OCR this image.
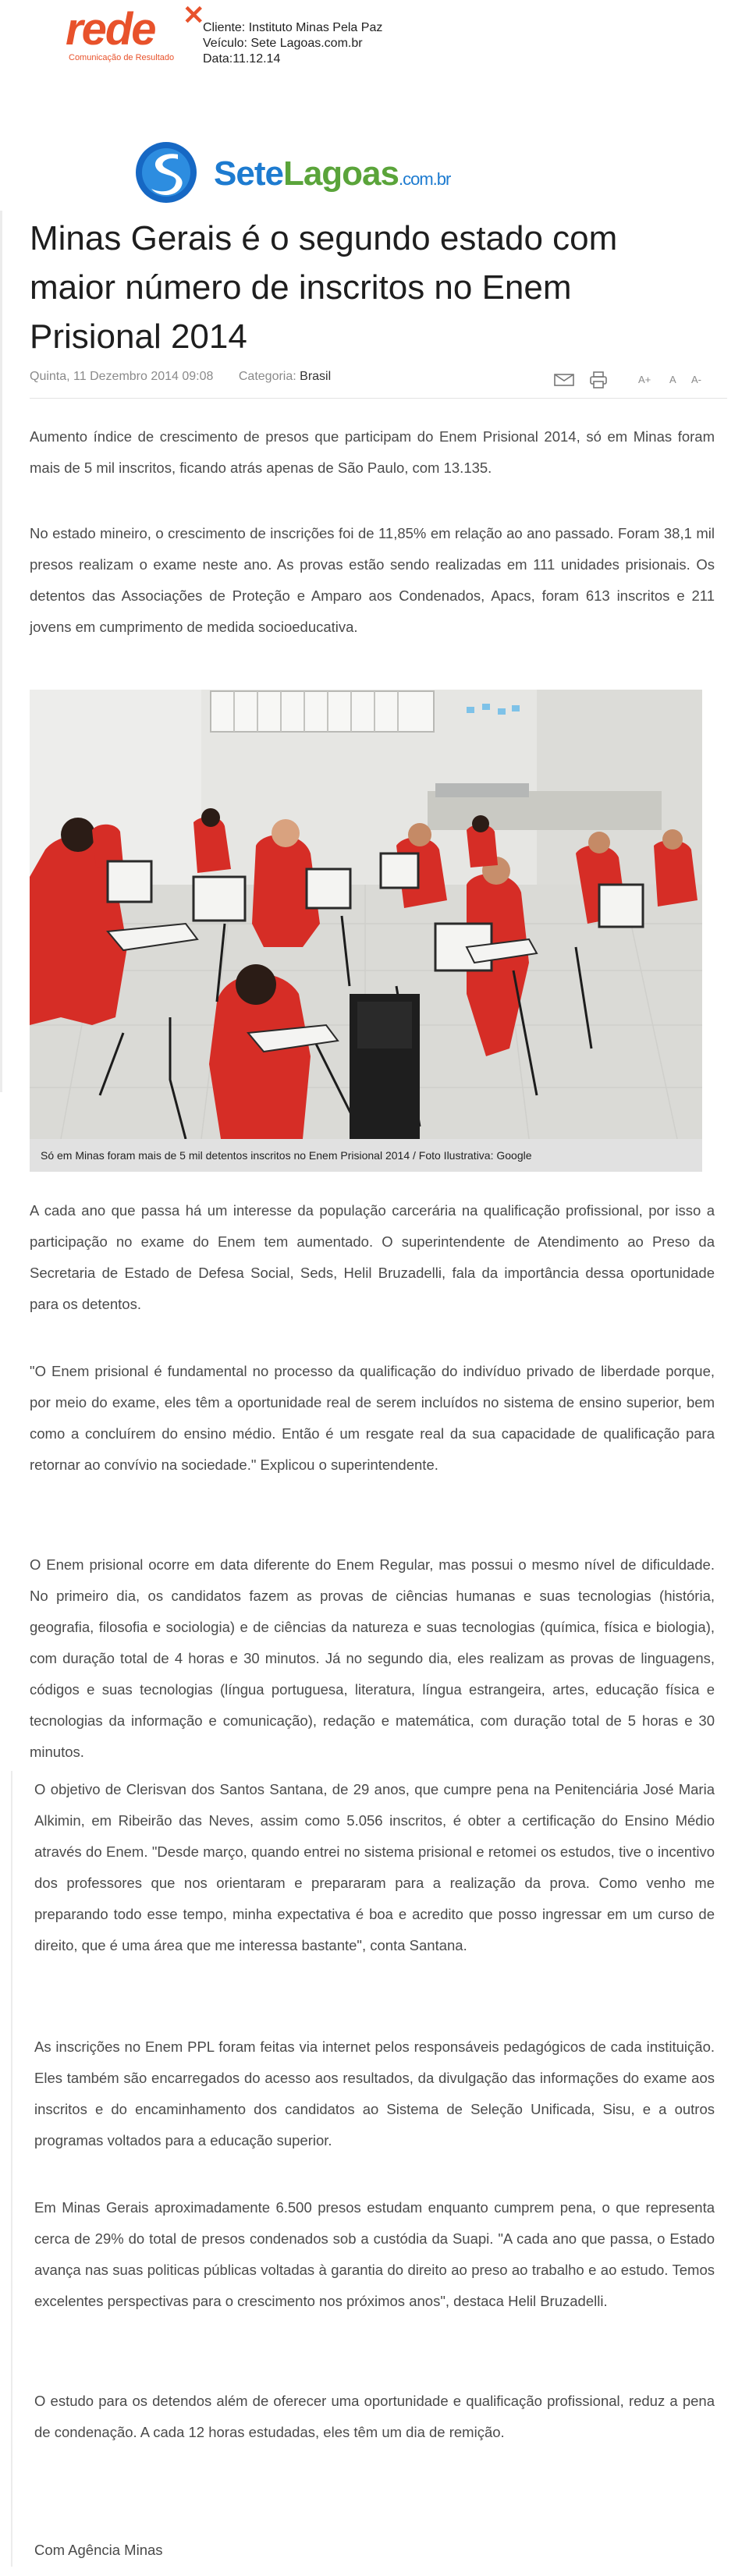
rede ✕
Comunicação de Resultado
Cliente: Instituto Minas Pela Paz
Veículo: Sete Lagoas.com.br
Data:11.12.14
SeteLagoas.com.br
Minas Gerais é o segundo estado com maior número de inscritos no Enem Prisional 2014
Quinta, 11 Dezembro 2014 09:08 Categoria: Brasil	A+ A A-
Aumento índice de crescimento de presos que participam do Enem Prisional 2014, só em Minas foram mais de 5 mil inscritos, ficando atrás apenas de São Paulo, com 13.135.
No estado mineiro, o crescimento de inscrições foi de 11,85% em relação ao ano passado. Foram 38,1 mil presos realizam o exame neste ano. As provas estão sendo realizadas em 111 unidades prisionais. Os detentos das Associações de Proteção e Amparo aos Condenados, Apacs, foram 613 inscritos e 211 jovens em cumprimento de medida socioeducativa.
Só em Minas foram mais de 5 mil detentos inscritos no Enem Prisional 2014 / Foto Ilustrativa: Google
A cada ano que passa há um interesse da população carcerária na qualificação profissional, por isso a participação no exame do Enem tem aumentado. O superintendente de Atendimento ao Preso da Secretaria de Estado de Defesa Social, Seds, Helil Bruzadelli, fala da importância dessa oportunidade para os detentos.
"O Enem prisional é fundamental no processo da qualificação do indivíduo privado de liberdade porque, por meio do exame, eles têm a oportunidade real de serem incluídos no sistema de ensino superior, bem como a concluírem do ensino médio. Então é um resgate real da sua capacidade de qualificação para retornar ao convívio na sociedade." Explicou o superintendente.
O Enem prisional ocorre em data diferente do Enem Regular, mas possui o mesmo nível de dificuldade. No primeiro dia, os candidatos fazem as provas de ciências humanas e suas tecnologias (história, geografia, filosofia e sociologia) e de ciências da natureza e suas tecnologias (química, física e biologia), com duração total de 4 horas e 30 minutos. Já no segundo dia, eles realizam as provas de linguagens, códigos e suas tecnologias (língua portuguesa, literatura, língua estrangeira, artes, educação física e tecnologias da informação e comunicação), redação e matemática, com duração total de 5 horas e 30 minutos.
O objetivo de Clerisvan dos Santos Santana, de 29 anos, que cumpre pena na Penitenciária José Maria Alkimin, em Ribeirão das Neves, assim como 5.056 inscritos, é obter a certificação do Ensino Médio através do Enem. "Desde março, quando entrei no sistema prisional e retomei os estudos, tive o incentivo dos professores que nos orientaram e prepararam para a realização da prova. Como venho me preparando todo esse tempo, minha expectativa é boa e acredito que posso ingressar em um curso de direito, que é uma área que me interessa bastante", conta Santana.
As inscrições no Enem PPL foram feitas via internet pelos responsáveis pedagógicos de cada instituição. Eles também são encarregados do acesso aos resultados, da divulgação das informações do exame aos inscritos e do encaminhamento dos candidatos ao Sistema de Seleção Unificada, Sisu, e a outros programas voltados para a educação superior.
Em Minas Gerais aproximadamente 6.500 presos estudam enquanto cumprem pena, o que representa cerca de 29% do total de presos condenados sob a custódia da Suapi. "A cada ano que passa, o Estado avança nas suas politicas públicas voltadas à garantia do direito ao preso ao trabalho e ao estudo. Temos excelentes perspectivas para o crescimento nos próximos anos", destaca Helil Bruzadelli.
O estudo para os detendos além de oferecer uma oportunidade e qualificação profissional, reduz a pena de condenação. A cada 12 horas estudadas, eles têm um dia de remição.
Com Agência Minas
